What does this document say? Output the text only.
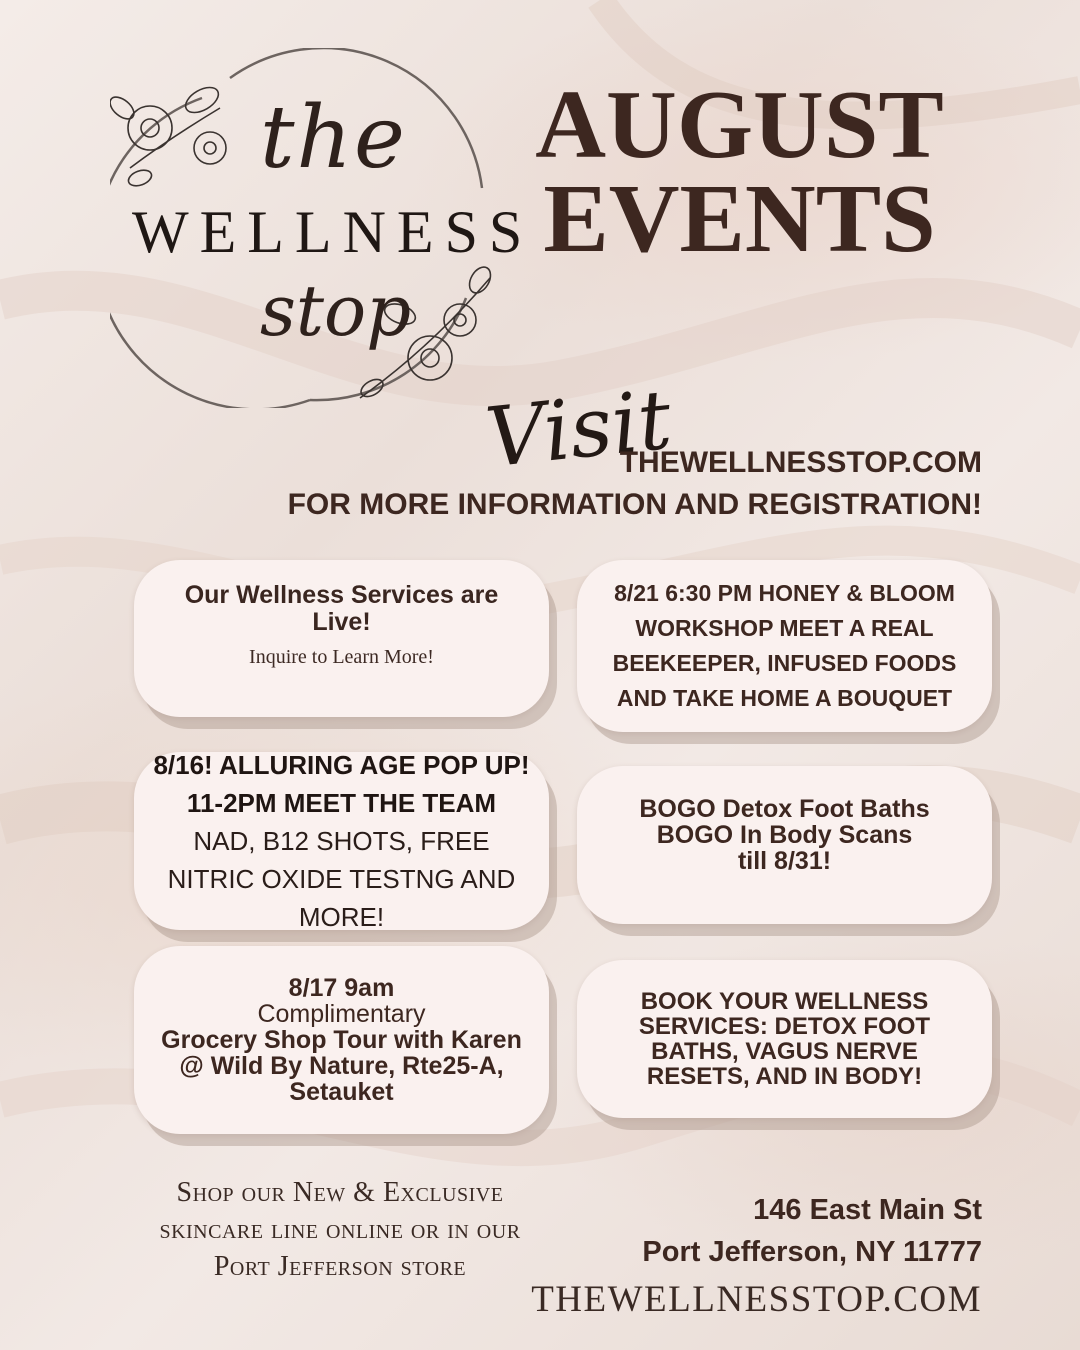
the
WELLNESS
stop
AUGUST
EVENTS
Visit
THEWELLNESSTOP.COM
FOR MORE INFORMATION AND REGISTRATION!
Our Wellness Services are Live!
Inquire to Learn More!
8/21 6:30 PM HONEY & BLOOM WORKSHOP MEET A REAL BEEKEEPER, INFUSED FOODS AND TAKE HOME A BOUQUET
8/16! ALLURING AGE POP UP!
11-2PM MEET THE TEAM
NAD, B12 SHOTS, FREE NITRIC OXIDE TESTNG AND MORE!
BOGO Detox Foot Baths
BOGO In Body Scans
till 8/31!
8/17 9am
Complimentary
Grocery Shop Tour with Karen @ Wild By Nature, Rte25-A, Setauket
BOOK YOUR WELLNESS SERVICES: DETOX FOOT BATHS, VAGUS NERVE RESETS, AND IN BODY!
Shop our New & Exclusive skincare line online or in our Port Jefferson store
146 East Main St
Port Jefferson, NY 11777
THEWELLNESSTOP.COM
